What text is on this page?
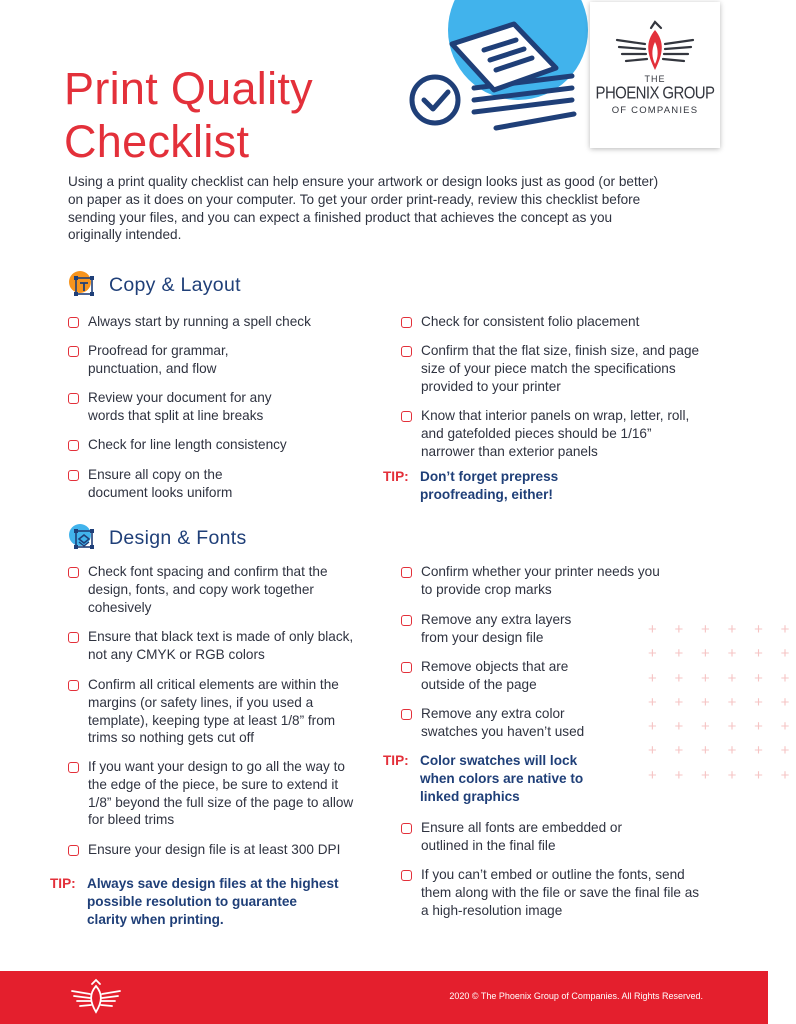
THE
PHOENIX GROUP
OF COMPANIES
Print Quality
Checklist

Using a print quality checklist can help ensure your artwork or design looks just as good (or better) on paper as it does on your computer. To get your order print-ready, review this checklist before sending your files, and you can expect a finished product that achieves the concept as you originally intended.

Copy & Layout
Always start by running a spell check
Proofread for grammar, punctuation, and flow
Review your document for any words that split at line breaks
Check for line length consistency
Ensure all copy on the document looks uniform
Check for consistent folio placement
Confirm that the flat size, finish size, and page size of your piece match the specifications provided to your printer
Know that interior panels on wrap, letter, roll, and gatefolded pieces should be 1/16” narrower than exterior panels
TIP: Don’t forget prepress proofreading, either!
Design & Fonts
Check font spacing and confirm that the design, fonts, and copy work together cohesively
Ensure that black text is made of only black, not any CMYK or RGB colors
Confirm all critical elements are within the margins (or safety lines, if you used a template), keeping type at least 1/8” from trims so nothing gets cut off
If you want your design to go all the way to the edge of the piece, be sure to extend it 1/8” beyond the full size of the page to allow for bleed trims
Ensure your design file is at least 300 DPI
TIP: Always save design files at the highest possible resolution to guarantee clarity when printing.
Confirm whether your printer needs you to provide crop marks
Remove any extra layers from your design file
Remove objects that are outside of the page
Remove any extra color swatches you haven’t used
TIP: Color swatches will lock when colors are native to linked graphics
Ensure all fonts are embedded or outlined in the final file
If you can’t embed or outline the fonts, send them along with the file or save the final file as a high-resolution image
+ + + + + +
+ + + + + +
+ + + + + +
+ + + + + +
+ + + + + +
+ + + + + +
+ + + + + +
2020 © The Phoenix Group of Companies. All Rights Reserved.
